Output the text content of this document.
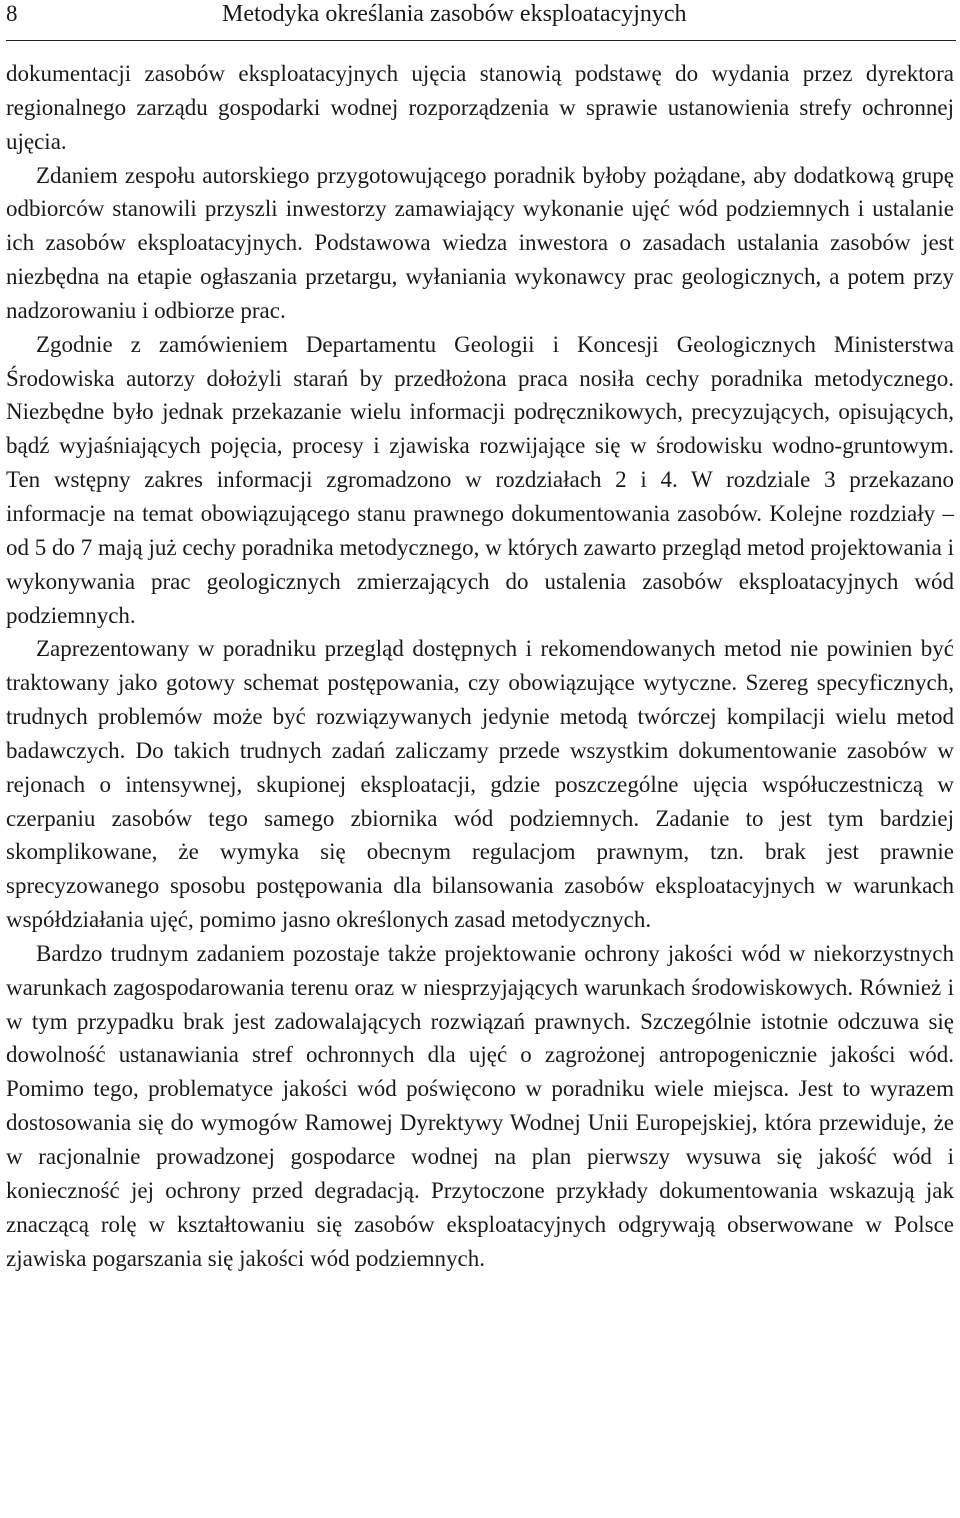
8	Metodyka określania zasobów eksploatacyjnych

dokumentacji zasobów eksploatacyjnych ujęcia stanowią podstawę do wydania przez dyrektora regionalnego zarządu gospodarki wodnej rozporządzenia w sprawie ustanowienia strefy ochronnej ujęcia.

Zdaniem zespołu autorskiego przygotowującego poradnik byłoby pożądane, aby dodatkową grupę odbiorców stanowili przyszli inwestorzy zamawiający wykonanie ujęć wód podziemnych i ustalanie ich zasobów eksploatacyjnych. Podstawowa wiedza inwestora o zasadach ustalania zasobów jest niezbędna na etapie ogłaszania przetargu, wyłaniania wykonawcy prac geologicznych, a potem przy nadzorowaniu i odbiorze prac.

Zgodnie z zamówieniem Departamentu Geologii i Koncesji Geologicznych Ministerstwa Środowiska autorzy dołożyli starań by przedłożona praca nosiła cechy poradnika metodycznego. Niezbędne było jednak przekazanie wielu informacji podręcznikowych, precyzujących, opisujących, bądź wyjaśniających pojęcia, procesy i zjawiska rozwijające się w środowisku wodno-gruntowym. Ten wstępny zakres informacji zgromadzono w rozdziałach 2 i 4. W rozdziale 3 przekazano informacje na temat obowiązującego stanu prawnego dokumentowania zasobów. Kolejne rozdziały – od 5 do 7 mają już cechy poradnika metodycznego, w których zawarto przegląd metod projektowania i wykonywania prac geologicznych zmierzających do ustalenia zasobów eksploatacyjnych wód podziemnych.

Zaprezentowany w poradniku przegląd dostępnych i rekomendowanych metod nie powinien być traktowany jako gotowy schemat postępowania, czy obowiązujące wytyczne. Szereg specyficznych, trudnych problemów może być rozwiązywanych jedynie metodą twórczej kompilacji wielu metod badawczych. Do takich trudnych zadań zaliczamy przede wszystkim dokumentowanie zasobów w rejonach o intensywnej, skupionej eksploatacji, gdzie poszczególne ujęcia współuczestniczą w czerpaniu zasobów tego samego zbiornika wód podziemnych. Zadanie to jest tym bardziej skomplikowane, że wymyka się obecnym regulacjom prawnym, tzn. brak jest prawnie sprecyzowanego sposobu postępowania dla bilansowania zasobów eksploatacyjnych w warunkach współdziałania ujęć, pomimo jasno określonych zasad metodycznych.

Bardzo trudnym zadaniem pozostaje także projektowanie ochrony jakości wód w niekorzystnych warunkach zagospodarowania terenu oraz w niesprzyjających warunkach środowiskowych. Również i w tym przypadku brak jest zadowalających rozwiązań prawnych. Szczególnie istotnie odczuwa się dowolność ustanawiania stref ochronnych dla ujęć o zagrożonej antropogenicznie jakości wód. Pomimo tego, problematyce jakości wód poświęcono w poradniku wiele miejsca. Jest to wyrazem dostosowania się do wymogów Ramowej Dyrektywy Wodnej Unii Europejskiej, która przewiduje, że w racjonalnie prowadzonej gospodarce wodnej na plan pierwszy wysuwa się jakość wód i konieczność jej ochrony przed degradacją. Przytoczone przykłady dokumentowania wskazują jak znaczącą rolę w kształtowaniu się zasobów eksploatacyjnych odgrywają obserwowane w Polsce zjawiska pogarszania się jakości wód podziemnych.
